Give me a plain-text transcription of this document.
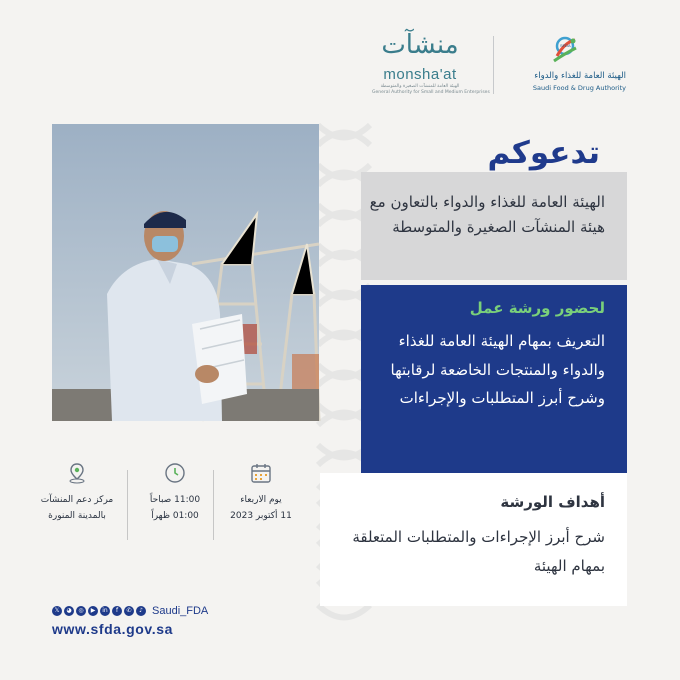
SFDA
الهيئة العامة للغذاء والدواء
Saudi Food & Drug Authority
منشآت
monsha'at
الهيئة العامة للمنشآت الصغيرة والمتوسطة
General Authority for Small and Medium Enterprises
تدعوكم
الهيئة العامة للغذاء والدواء بالتعاون مع هيئة المنشآت الصغيرة والمتوسطة
لحضور ورشة عمل
التعريف بمهام الهيئة العامة للغذاء والدواء والمنتجات الخاضعة لرقابتها وشرح أبرز المتطلبات والإجراءات
أهداف الورشة
شرح أبرز الإجراءات والمتطلبات المتعلقة بمهام الهيئة
يوم الاربعاء
11 أكتوبر 2023
11:00 صباحاً
01:00 ظهراً
مركز دعم المنشآت
بالمدينة المنورة
𝕏	◕	◎	▶	in	f	✆	♪ Saudi_FDA
www.sfda.gov.sa
